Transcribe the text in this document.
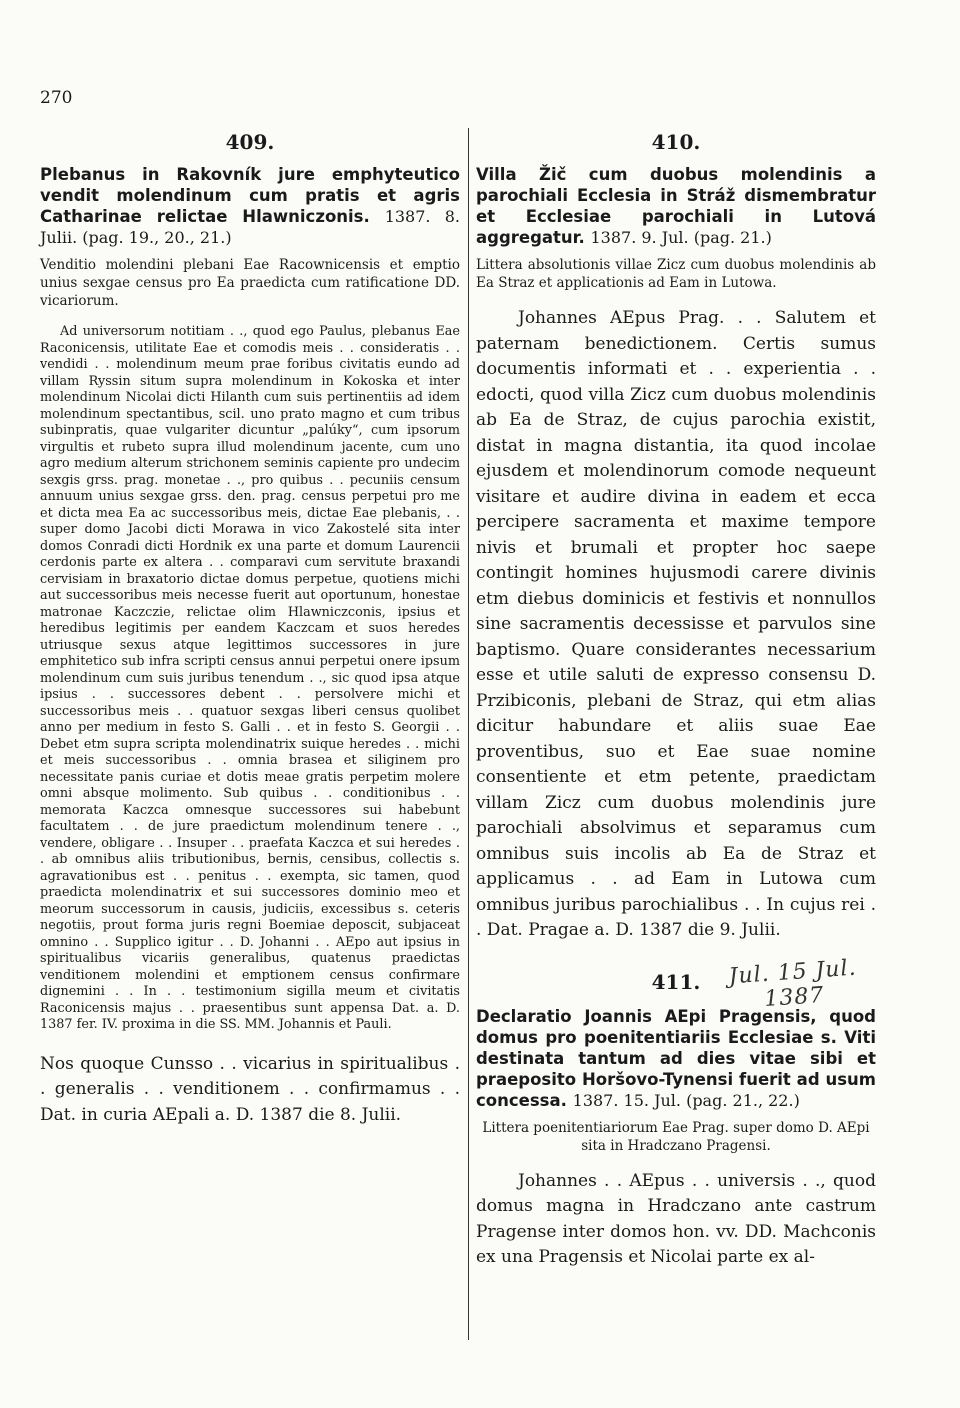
270
409.

Plebanus in Rakovník jure emphyteutico vendit molendinum cum pratis et agris Catharinae relictae Hlawniczonis. 1387. 8. Julii. (pag. 19., 20., 21.)

Venditio molendini plebani Eae Racownicensis et emptio unius sexgae census pro Ea praedicta cum ratificatione DD. vicariorum.

Ad universorum notitiam . ., quod ego Paulus, plebanus Eae Raconicensis, utilitate Eae et comodis meis . . consideratis . . vendidi . . molendinum meum prae foribus civitatis eundo ad villam Ryssin situm supra molendinum in Kokoska et inter molendinum Nicolai dicti Hilanth cum suis pertinentiis ad idem molendinum spectantibus, scil. uno prato magno et cum tribus subinpratis, quae vulgariter dicuntur „palúky“, cum ipsorum virgultis et rubeto supra illud molendinum jacente, cum uno agro medium alterum strichonem seminis capiente pro undecim sexgis grss. prag. monetae . ., pro quibus . . pecuniis censum annuum unius sexgae grss. den. prag. census perpetui pro me et dicta mea Ea ac successoribus meis, dictae Eae plebanis, . . super domo Jacobi dicti Morawa in vico Zakostelé sita inter domos Conradi dicti Hordnik ex una parte et domum Laurencii cerdonis parte ex altera . . comparavi cum servitute braxandi cervisiam in braxatorio dictae domus perpetue, quotiens michi aut successoribus meis necesse fuerit aut oportunum, honestae matronae Kaczczie, relictae olim Hlawniczconis, ipsius et heredibus legitimis per eandem Kaczcam et suos heredes utriusque sexus atque legittimos successores in jure emphitetico sub infra scripti census annui perpetui onere ipsum molendinum cum suis juribus tenendum . ., sic quod ipsa atque ipsius . . successores debent . . persolvere michi et successoribus meis . . quatuor sexgas liberi census quolibet anno per medium in festo S. Galli . . et in festo S. Georgii . . Debet etm supra scripta molendinatrix suique heredes . . michi et meis successoribus . . omnia brasea et siliginem pro necessitate panis curiae et dotis meae gratis perpetim molere omni absque molimento. Sub quibus . . conditionibus . . memorata Kaczca omnesque successores sui habebunt facultatem . . de jure praedictum molendinum tenere . ., vendere, obligare . . Insuper . . praefata Kaczca et sui heredes . . ab omnibus aliis tributionibus, bernis, censibus, collectis s. agravationibus est . . penitus . . exempta, sic tamen, quod praedicta molendinatrix et sui successores dominio meo et meorum successorum in causis, judiciis, excessibus s. ceteris negotiis, prout forma juris regni Boemiae deposcit, subjaceat omnino . . Supplico igitur . . D. Johanni . . AEpo aut ipsius in spiritualibus vicariis generalibus, quatenus praedictas venditionem molendini et emptionem census confirmare dignemini . . In . . testimonium sigilla meum et civitatis Raconicensis majus . . praesentibus sunt appensa Dat. a. D. 1387 fer. IV. proxima in die SS. MM. Johannis et Pauli.

Nos quoque Cunsso . . vicarius in spiritualibus . . generalis . . venditionem . . confirmamus . . Dat. in curia AEpali a. D. 1387 die 8. Julii.

410.

Villa Žič cum duobus molendinis a parochiali Ecclesia in Stráž dismembratur et Ecclesiae parochiali in Lutová aggregatur. 1387. 9. Jul. (pag. 21.)

Littera absolutionis villae Zicz cum duobus molendinis ab Ea Straz et applicationis ad Eam in Lutowa.

Johannes AEpus Prag. . . Salutem et paternam benedictionem. Certis sumus documentis informati et . . experientia . . edocti, quod villa Zicz cum duobus molendinis ab Ea de Straz, de cujus parochia existit, distat in magna distantia, ita quod incolae ejusdem et molendinorum comode nequeunt visitare et audire divina in eadem et ecca percipere sacramenta et maxime tempore nivis et brumali et propter hoc saepe contingit homines hujusmodi carere divinis etm diebus dominicis et festivis et nonnullos sine sacramentis decessisse et parvulos sine baptismo. Quare considerantes necessarium esse et utile saluti de expresso consensu D. Przibiconis, plebani de Straz, qui etm alias dicitur habundare et aliis suae Eae proventibus, suo et Eae suae nomine consentiente et etm petente, praedictam villam Zicz cum duobus molendinis jure parochiali absolvimus et separamus cum omnibus suis incolis ab Ea de Straz et applicamus . . ad Eam in Lutowa cum omnibus juribus parochialibus . . In cujus rei . . Dat. Pragae a. D. 1387 die 9. Julii.

411.	Jul. 15 Jul. 1387

Declaratio Joannis AEpi Pragensis, quod domus pro poenitentiariis Ecclesiae s. Viti destinata tantum ad dies vitae sibi et praeposito Horšovo-Tynensi fuerit ad usum concessa. 1387. 15. Jul. (pag. 21., 22.)

Littera poenitentiariorum Eae Prag. super domo D. AEpi sita in Hradczano Pragensi.

Johannes . . AEpus . . universis . ., quod domus magna in Hradczano ante castrum Pragense inter domos hon. vv. DD. Machconis ex una Pragensis et Nicolai parte ex al-
